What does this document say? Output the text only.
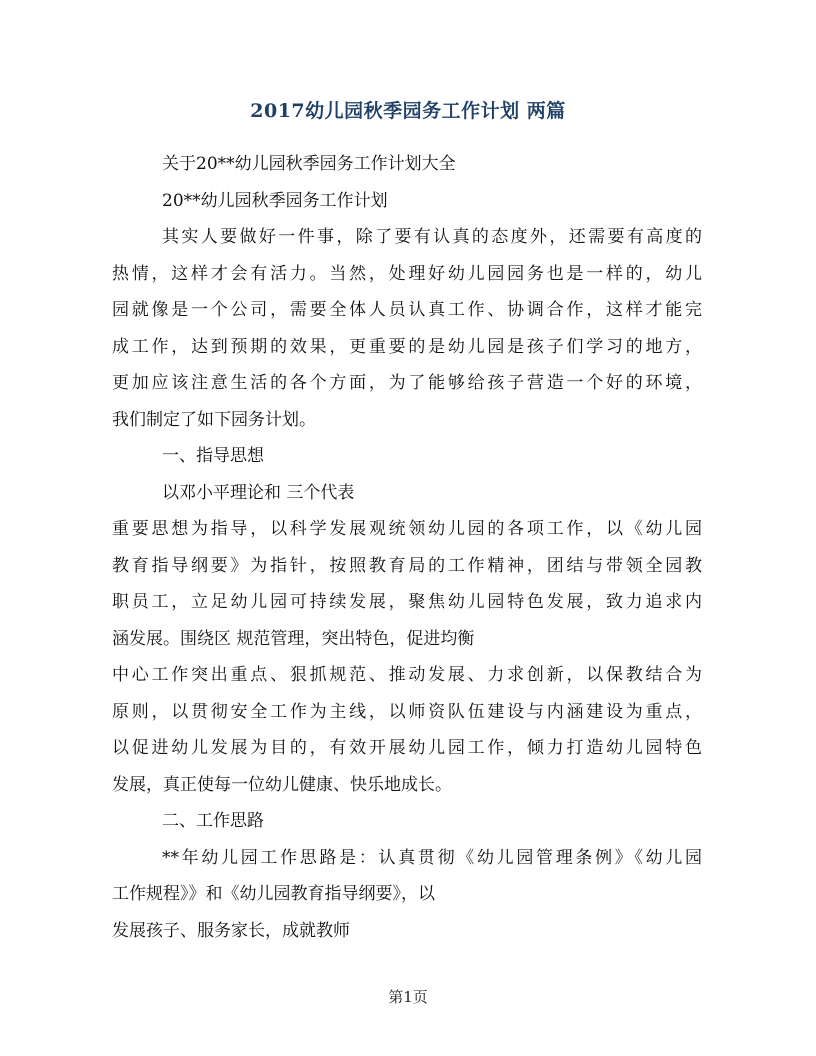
2017幼儿园秋季园务工作计划 两篇
关于20**幼儿园秋季园务工作计划大全
20**幼儿园秋季园务工作计划
其实人要做好一件事，除了要有认真的态度外，还需要有高度的
热情，这样才会有活力。当然，处理好幼儿园园务也是一样的，幼儿
园就像是一个公司，需要全体人员认真工作、协调合作，这样才能完
成工作，达到预期的效果，更重要的是幼儿园是孩子们学习的地方，
更加应该注意生活的各个方面，为了能够给孩子营造一个好的环境，
我们制定了如下园务计划。
一、指导思想
以邓小平理论和 三个代表
重要思想为指导，以科学发展观统领幼儿园的各项工作，以《幼儿园
教育指导纲要》为指针，按照教育局的工作精神，团结与带领全园教
职员工，立足幼儿园可持续发展，聚焦幼儿园特色发展，致力追求内
涵发展。围绕区 规范管理，突出特色，促进均衡
中心工作突出重点、狠抓规范、推动发展、力求创新，以保教结合为
原则，以贯彻安全工作为主线，以师资队伍建设与内涵建设为重点，
以促进幼儿发展为目的，有效开展幼儿园工作，倾力打造幼儿园特色
发展，真正使每一位幼儿健康、快乐地成长。
二、工作思路
**年幼儿园工作思路是：认真贯彻《幼儿园管理条例》《幼儿园
工作规程》》和《幼儿园教育指导纲要》，以
发展孩子、服务家长，成就教师
第1页
